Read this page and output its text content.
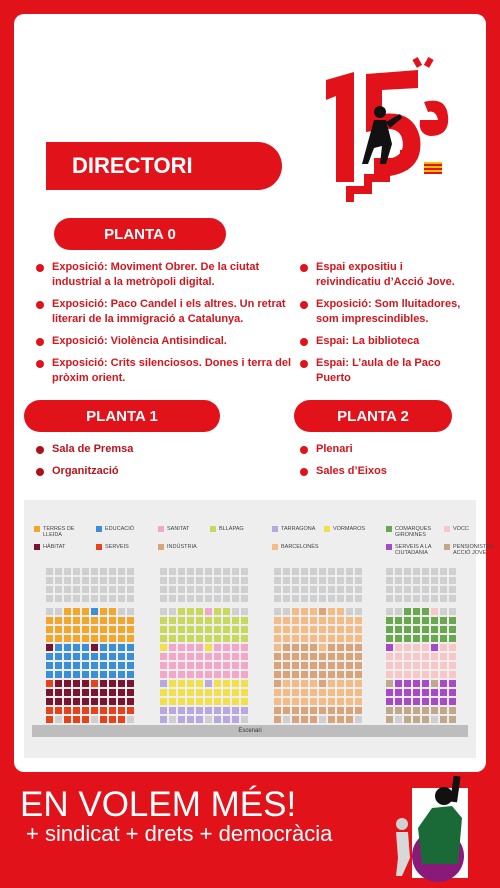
DIRECTORI
PLANTA 0
Exposició: Moviment Obrer. De la ciutat industrial a la metròpoli digital.
Exposició: Paco Candel i els altres. Un retrat literari de la immigració a Catalunya.
Exposició: Violència Antisindical.
Exposició: Crits silenciosos. Dones i terra del pròxim orient.
Espai expositiu i reivindicatiu d’Acció Jove.
Exposició: Som lluitadores, som imprescindibles.
Espai: La biblioteca
Espai: L’aula de la Paco Puerto
PLANTA 1
Sala de Premsa
Organització
PLANTA 2
Plenari
Sales d’Eixos
TERRES DE LLEIDA
EDUCACIÓ	SANITAT	BLLAPAG	TARRAGONA	VORMAROS	COMARQUES GIRONINES
VOCC
HÀBITAT	SERVEIS	INDÚSTRIA	BARCELONÈS	SERVEIS A LA CIUTADANIA
PENSIONISTES ACCIÓ JOVE
Escenari
EN VOLEM MÉS!
+ sindicat + drets + democràcia
